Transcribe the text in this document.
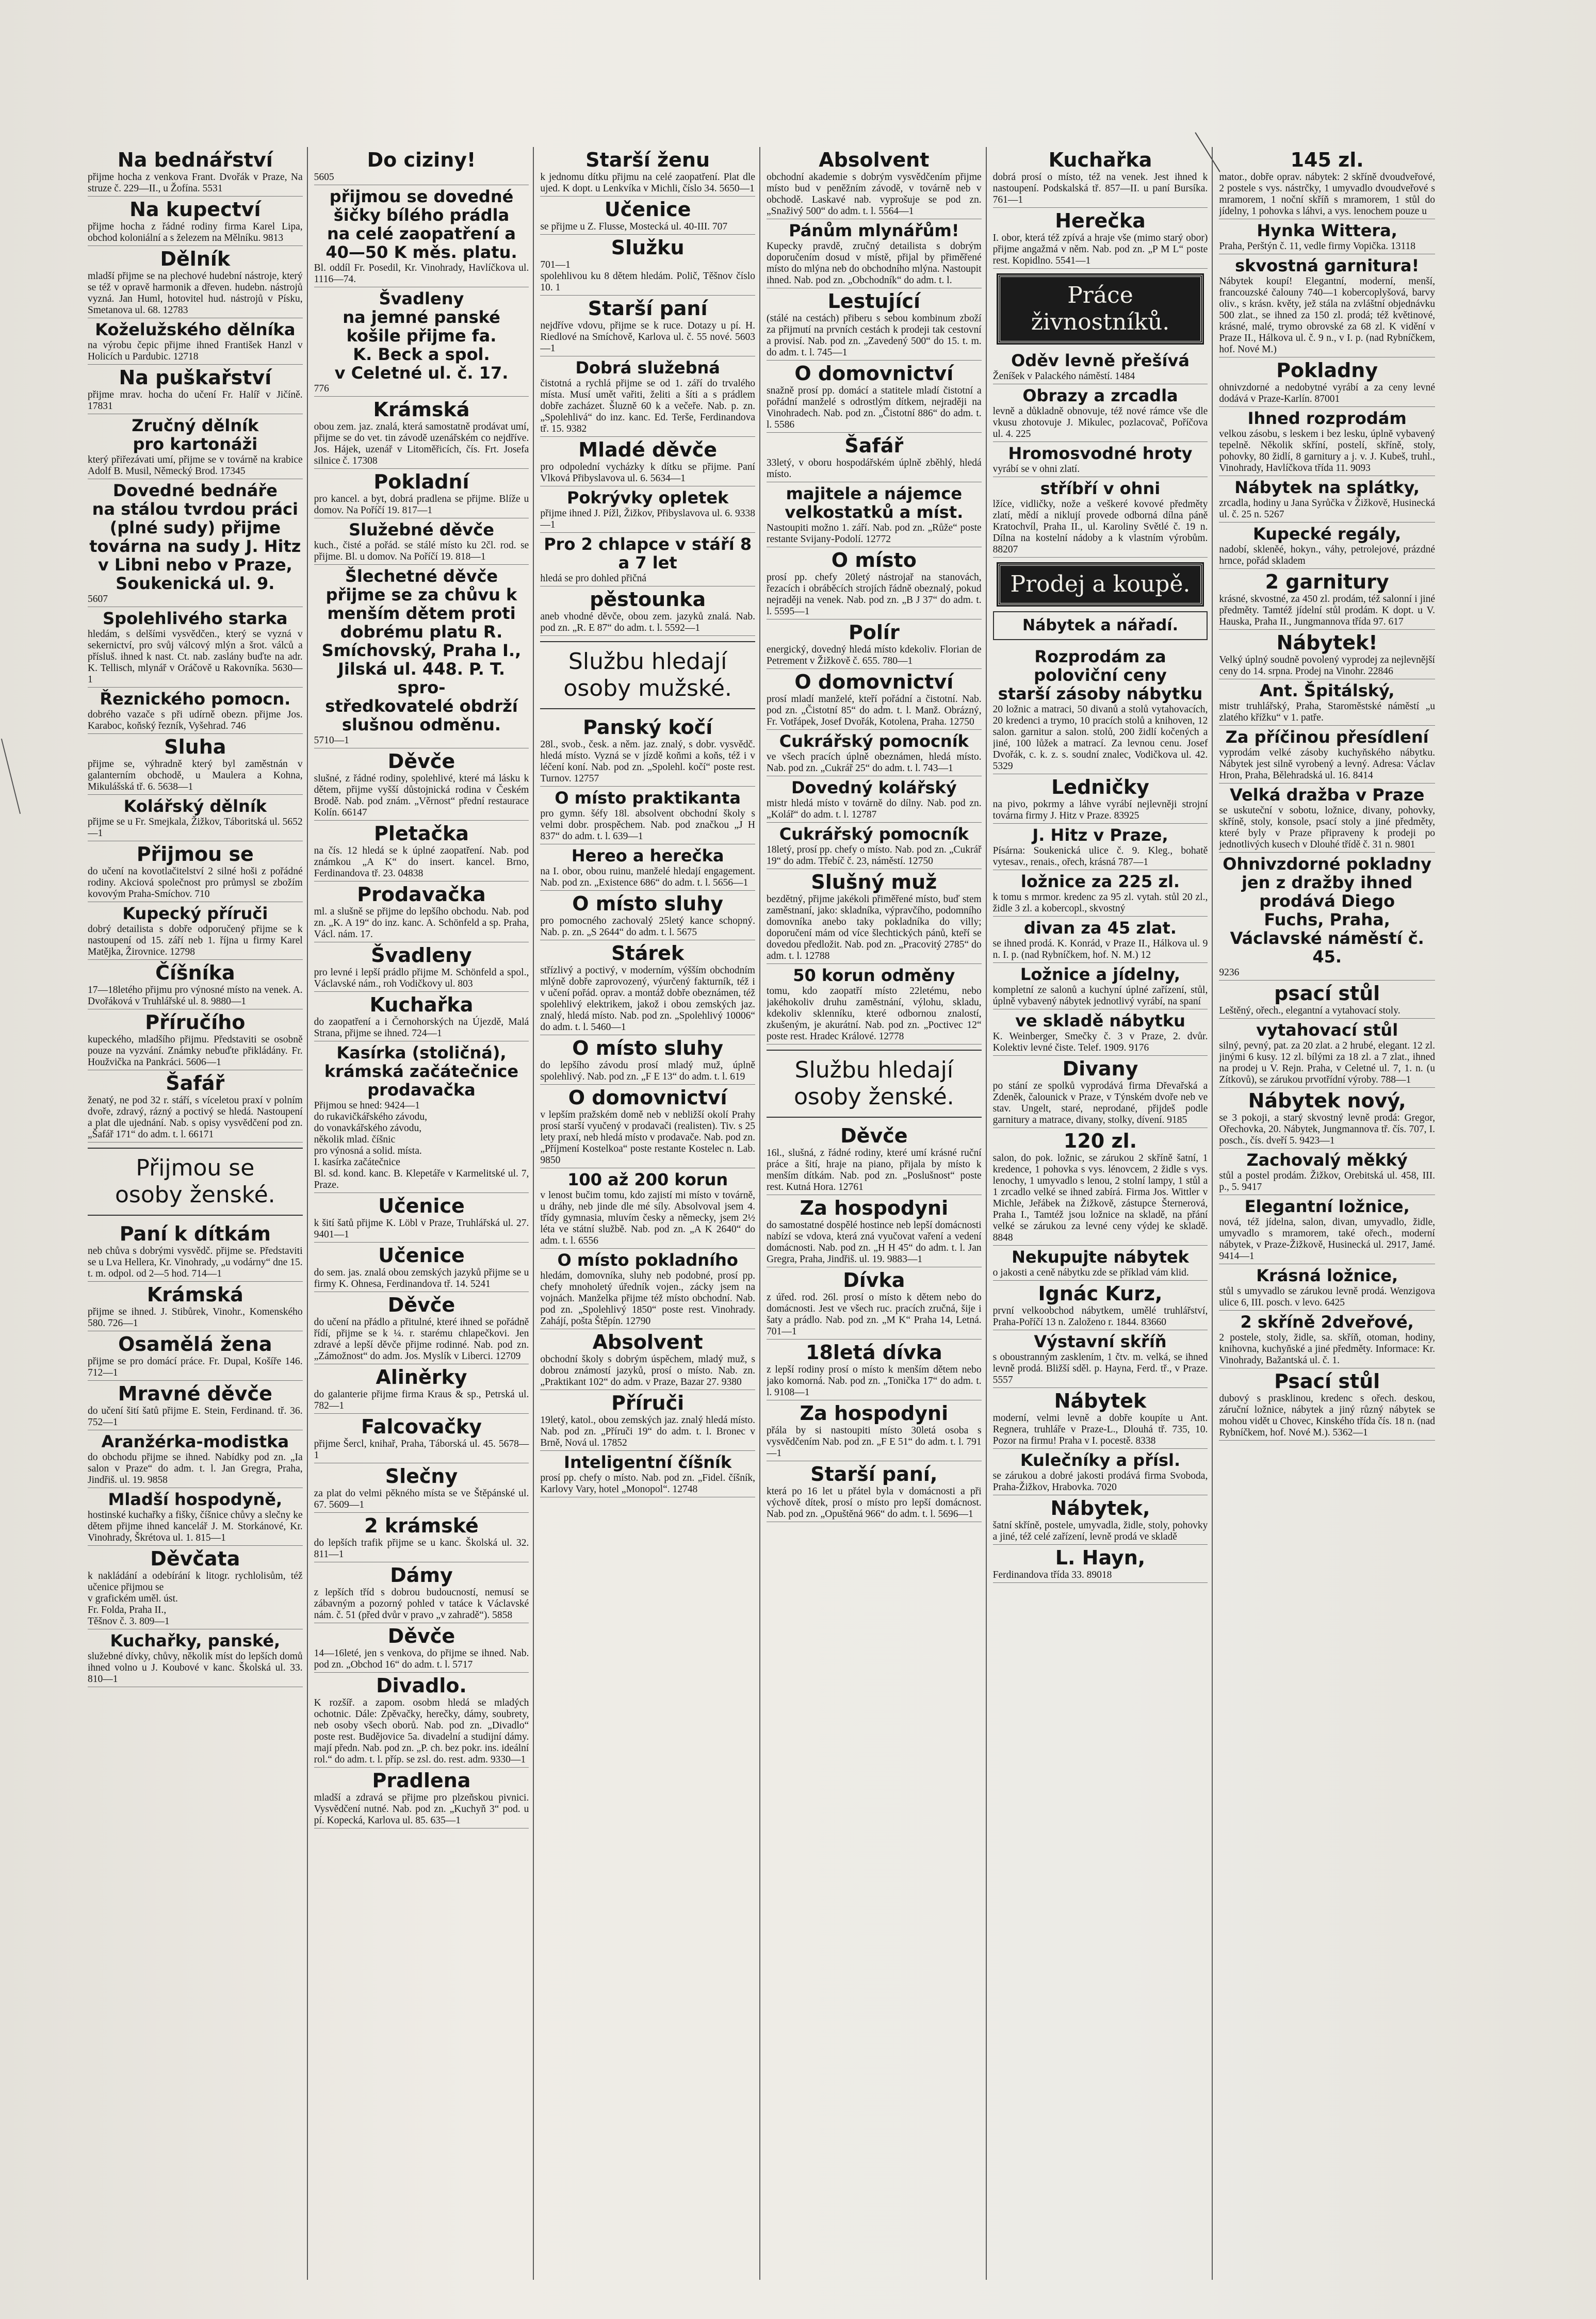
Na bednářství
přijme hocha z venkova Frant. Dvořák v Praze, Na struze č. 229—II., u Žofína. 5531
Na kupectví
přijme hocha z řádné rodiny firma Karel Lipa, obchod koloniální a s železem na Mělníku. 9813
Dělník
mladší přijme se na plechové hudební nástroje, který se též v opravě harmonik a dřeven. hudebn. nástrojů vyzná. Jan Huml, hotovitel hud. nástrojů v Písku, Smetanova ul. 68. 12783
Koželužského dělníka
na výrobu čepic přijme ihned František Hanzl v Holicích u Pardubic. 12718
Na puškařství
přijme mrav. hocha do učení Fr. Halíř v Jičíně. 17831
Zručný dělník
pro kartonáži
který přiřezávati umí, přijme se v továrně na krabice Adolf B. Musil, Německý Brod. 17345
Dovedné bednáře
na stálou tvrdou práci
(plné sudy) přijme továrna na sudy J. Hitz
v Libni nebo v Praze,
Soukenická ul. 9.
5607
Spolehlivého starka
hledám, s delšími vysvědčen., který se vyzná v sekernictví, pro svůj válcový mlýn a šrot. válců a přísluš. ihned k nast. Ct. nab. zaslány buďte na adr. K. Tellisch, mlynář v Oráčově u Rakovníka. 5630—1
Řeznického pomocn.
dobrého vazače s při udírně obezn. přijme Jos. Karaboc, koňský řezník, Vyšehrad. 746
Sluha
přijme se, výhradně který byl zaměstnán v galanterním obchodě, u Maulera a Kohna, Mikulášská tř. 6. 5638—1
Kolářský dělník
přijme se u Fr. Smejkala, Žižkov, Táboritská ul. 5652—1
Přijmou se
do učení na kovotlačitelství 2 silné hoši z pořádné rodiny. Akciová společnost pro průmysl se zbožím kovovým Praha-Smíchov. 710
Kupecký příruči
dobrý detailista s dobře odporučený přijme se k nastoupení od 15. září neb 1. října u firmy Karel Matějka, Žirovnice. 12798
Číšníka
17—18letého přijmu pro výnosné místo na venek. A. Dvořáková v Truhlářské ul. 8. 9880—1
Příručího
kupeckého, mladšího přijmu. Představiti se osobně pouze na vyzvání. Známky nebuďte přikládány. Fr. Houžvička na Pankráci. 5606—1
Šafář
ženatý, ne pod 32 r. stáří, s víceletou praxí v polním dvoře, zdravý, rázný a poctivý se hledá. Nastoupení a plat dle ujednání. Nab. s opisy vysvědčení pod zn. „Šafář 171“ do adm. t. l. 66171
Přijmou se
osoby ženské.
Paní k dítkám
neb chůva s dobrými vysvědč. přijme se. Představiti se u Lva Hellera, Kr. Vinohrady, „u vodárny“ dne 15. t. m. odpol. od 2—5 hod. 714—1
Krámská
přijme se ihned. J. Stibůrek, Vinohr., Komenského 580. 726—1
Osamělá žena
přijme se pro domácí práce. Fr. Dupal, Košíře 146. 712—1
Mravné děvče
do učení šití šatů přijme E. Stein, Ferdinand. tř. 36. 752—1
Aranžérka-modistka
do obchodu přijme se ihned. Nabídky pod zn. „Ia salon v Praze“ do adm. t. l. Jan Gregra, Praha, Jindřiš. ul. 19. 9858
Mladší hospodyně,
hostinské kuchařky a fišky, číšnice chůvy a slečny ke dětem přijme ihned kancelář J. M. Storkánové, Kr. Vinohrady, Škrétova ul. 1. 815—1
Děvčata
k nakládání a odebírání k litogr. rychlolisům, též učenice přijmou se
v grafickém uměl. úst.
Fr. Folda, Praha II.,
Těšnov č. 3. 809—1
Kuchařky, panské,
služebné dívky, chůvy, několik míst do lepších domů ihned volno u J. Koubové v kanc. Školská ul. 33. 810—1
Do ciziny!
5605
přijmou se dovedné
šičky bílého prádla
na celé zaopatření a
40—50 K měs. platu.
Bl. oddíl Fr. Posedil, Kr. Vinohrady, Havlíčkova ul. 1116—74.
Švadleny
na jemné panské košile přijme fa.
K. Beck a spol.
v Celetné ul. č. 17.
776
Krámská
obou zem. jaz. znalá, která samostatně prodávat umí, přijme se do vet. tin závodě uzenářském co nejdříve. Jos. Hájek, uzenář v Litoměřicích, čís. Frt. Josefa silnice č. 17308
Pokladní
pro kancel. a byt, dobrá pradlena se přijme. Blíže u domov. Na Poříčí 19. 817—1
Služebné děvče
kuch., čisté a pořád. se stálé místo ku 2čl. rod. se přijme. Bl. u domov. Na Poříčí 19. 818—1
Šlechetné děvče
přijme se za chůvu k
menším dětem proti
dobrému platu R. Smíchovský, Praha I., Jilská ul. 448. P. T. spro-
středkovatelé obdrží
slušnou odměnu.
5710—1
Děvče
slušné, z řádné rodiny, spolehlivé, které má lásku k dětem, přijme vyšší důstojnická rodina v Českém Brodě. Nab. pod znám. „Věrnost“ přední restaurace Kolín. 66147
Pletačka
na čís. 12 hledá se k úplné zaopatření. Nab. pod známkou „A K“ do insert. kancel. Brno, Ferdinandova tř. 23. 04838
Prodavačka
ml. a slušně se přijme do lepšího obchodu. Nab. pod zn. „K. A 19“ do inz. kanc. A. Schönfeld a sp. Praha, Václ. nám. 17.
Švadleny
pro levné i lepší prádlo přijme M. Schönfeld a spol., Václavské nám., roh Vodičkovy ul. 803
Kuchařka
do zaopatření a i Černohorských na Újezdě, Malá Strana, přijme se ihned. 724—1
Kasírka (stoličná),
krámská začátečnice
prodavačka
Přijmou se hned: 9424—1
do rukavičkářského závodu,
do vonavkářského závodu,
několik mlad. číšnic
pro výnosná a solid. místa.
I. kasírka začátečnice
Bl. sd. kond. kanc. B. Klepetáře v Karmelitské ul. 7, Praze.
Učenice
k šití šatů přijme K. Löbl v Praze, Truhlářská ul. 27. 9401—1
Učenice
do sem. jas. znalá obou zemských jazyků přijme se u firmy K. Ohnesa, Ferdinandova tř. 14. 5241
Děvče
do učení na přádlo a přitulné, které ihned se pořádně řídí, přijme se k ¼. r. starému chlapečkovi. Jen zdravé a lepší děvče přijme rodinné. Nab. pod zn. „Zámožnost“ do adm. Jos. Myslík v Liberci. 12709
Aliněrky
do galanterie přijme firma Kraus & sp., Petrská ul. 782—1
Falcovačky
přijme Šercl, knihař, Praha, Táborská ul. 45. 5678—1
Slečny
za plat do velmi pěkného místa se ve Štěpánské ul. 67. 5609—1
2 krámské
do lepších trafik přijme se u kanc. Školská ul. 32. 811—1
Dámy
z lepších tříd s dobrou budoucností, nemusí se zábavným a pozorný pohled v tatáce k Václavské nám. č. 51 (před dvůr v pravo „v zahradě“). 5858
Děvče
14—16leté, jen s venkova, do přijme se ihned. Nab. pod zn. „Obchod 16“ do adm. t. l. 5717
Divadlo.
K rozšíř. a zapom. osobm hledá se mladých ochotnic. Dále: Zpěvačky, herečky, dámy, soubrety, neb osoby všech oborů. Nab. pod zn. „Divadlo“ poste rest. Budějovice 5a. divadelní a studijní dámy. mají předn. Nab. pod zn. „P. ch. bez pokr. ins. ideální rol.“ do adm. t. l. příp. se zsl. do. rest. adm. 9330—1
Pradlena
mladší a zdravá se přijme pro plzeňskou pivnici. Vysvědčení nutné. Nab. pod zn. „Kuchyň 3“ pod. u pí. Kopecká, Karlova ul. 85. 635—1
Starší ženu
k jednomu dítku přijmu na celé zaopatření. Plat dle ujed. K dopt. u Lenkvíka v Michli, číslo 34. 5650—1
Učenice
se přijme u Z. Flusse, Mostecká ul. 40-III. 707
Služku
701—1
spolehlivou ku 8 dětem hledám. Polič, Těšnov číslo 10. 1
Starší paní
nejdříve vdovu, přijme se k ruce. Dotazy u pí. H. Riedlové na Smíchově, Karlova ul. č. 55 nové. 5603—1
Dobrá služebná
čistotná a rychlá přijme se od 1. září do trvalého místa. Musí umět vařiti, želiti a šíti a s prádlem dobře zacházet. Šluzně 60 k a večeře. Nab. p. zn. „Spolehlivá“ do inz. kanc. Ed. Terše, Ferdinandova tř. 15. 9382
Mladé děvče
pro odpolední vycházky k dítku se přijme. Paní Vlková Přibyslavova ul. 6. 5634—1
Pokrývky opletek
přijme ihned J. Pížl, Žižkov, Přibyslavova ul. 6. 9338—1
Pro 2 chlapce v stáří 8 a 7 let
hledá se pro dohled přičná
pěstounka
aneb vhodné děvče, obou zem. jazyků znalá. Nab. pod zn. „R. E 87“ do adm. t. l. 5592—1
Službu hledají
osoby mužské.
Panský kočí
28l., svob., česk. a něm. jaz. znalý, s dobr. vysvědč. hledá místo. Vyzná se v jízdě koňmi a koňs, též i v léčení koní. Nab. pod zn. „Spolehl. kočí“ poste rest. Turnov. 12757
O místo praktikanta
pro gymn. šéfy 18l. absolvent obchodní školy s velmi dobr. prospěchem. Nab. pod značkou „J H 837“ do adm. t. l. 639—1
Hereo a herečka
na I. obor, obou ruinu, manželé hledají engagement. Nab. pod zn. „Existence 686“ do adm. t. l. 5656—1
O místo sluhy
pro pomocného zachovalý 25letý kance schopný. Nab. p. zn. „S 2644“ do adm. t. l. 5675
Stárek
střízlivý a poctivý, v moderním, výšším obchodním mlýně dobře zaprovozený, výurčený fakturník, též i v učení pořád. oprav. a montáž dobře obeznámen, též spolehlivý elektrikem, jakož i obou zemských jaz. znalý, hledá místo. Nab. pod zn. „Spolehlivý 10006“ do adm. t. l. 5460—1
O místo sluhy
do lepšího závodu prosí mladý muž, úplně spolehlivý. Nab. pod zn. „F E 13“ do adm. t. l. 619
O domovnictví
v lepším pražském domě neb v nebližší okolí Prahy prosí starší vyučený v prodavači (realisten). Tiv. s 25 lety praxí, neb hledá místo v prodavače. Nab. pod zn. „Příjmení Kostelkoa“ poste restante Kostelec n. Lab. 9850
100 až 200 korun
v lenost bučim tomu, kdo zajistí mi místo v továrně, u dráhy, neb jinde dle mé síly. Absolvoval jsem 4. třídy gymnasia, mluvím česky a německy, jsem 2½ léta ve státní službě. Nab. pod zn. „A K 2640“ do adm. t. l. 6556
O místo pokladního
hledám, domovníka, sluhy neb podobné, prosí pp. chefy mnoholetý úředník vojen., zácky jsem na vojnách. Manželka přijme též místo obchodní. Nab. pod zn. „Spolehlivý 1850“ poste rest. Vinohrady. Zahájí, pošta Štěpín. 12790
Absolvent
obchodní školy s dobrým úspěchem, mladý muž, s dobrou známostí jazyků, prosí o místo. Nab. zn. „Praktikant 102“ do adm. v Praze, Bazar 27. 9380
Příruči
19letý, katol., obou zemských jaz. znalý hledá místo. Nab. pod zn. „Příruči 19“ do adm. t. l. Bronec v Brně, Nová ul. 17852
Inteligentní číšník
prosí pp. chefy o místo. Nab. pod zn. „Fidel. číšník, Karlovy Vary, hotel „Monopol“. 12748
Absolvent
obchodní akademie s dobrým vysvědčením přijme místo bud v peněžním závodě, v továrně neb v obchodě. Laskavé nab. vyprošuje se pod zn. „Snaživý 500“ do adm. t. l. 5564—1
Pánům mlynářům!
Kupecky pravdě, zručný detailista s dobrým doporučením dosud v místě, přijal by přiměřené místo do mlýna neb do obchodního mlýna. Nastoupit ihned. Nab. pod zn. „Obchodník“ do adm. t. l.
Lestující
(stálé na cestách) přiberu s sebou kombinum zboží za přijmutí na prvních cestách k prodeji tak cestovní a provisí. Nab. pod zn. „Zavedený 500“ do 15. t. m. do adm. t. l. 745—1
O domovnictví
snažně prosí pp. domácí a statitele mladí čistotní a pořádní manželé s odrostlým dítkem, nejraději na Vinohradech. Nab. pod zn. „Čistotní 886“ do adm. t. l. 5586
Šafář
33letý, v oboru hospodářském úplně zběhlý, hledá místo.
majitele a nájemce
velkostatků a míst.
Nastoupiti možno 1. září. Nab. pod zn. „Růže“ poste restante Svijany-Podolí. 12772
O místo
prosí pp. chefy 20letý nástrojař na stanovách, řezacích i obráběcích strojích řádně obeznalý, pokud nejraději na venek. Nab. pod zn. „B J 37“ do adm. t. l. 5595—1
Polír
energický, dovedný hledá místo kdekoliv. Florian de Petrement v Žižkově č. 655. 780—1
O domovnictví
prosí mladí manželé, kteří pořádní a čistotní. Nab. pod zn. „Čistotní 85“ do adm. t. l. Manž. Obrázný, Fr. Votřápek, Josef Dvořák, Kotolena, Praha. 12750
Cukrářský pomocník
ve všech pracích úplně obeznámen, hledá místo. Nab. pod zn. „Cukrář 25“ do adm. t. l. 743—1
Dovedný kolářský
mistr hledá místo v továrně do dílny. Nab. pod zn. „Kolář“ do adm. t. l. 12787
Cukrářský pomocník
18letý, prosí pp. chefy o místo. Nab. pod zn. „Cukrář 19“ do adm. Třebíč č. 23, náměstí. 12750
Slušný muž
bezdětný, přijme jakékoli přiměřené místo, buď stem zaměstnaní, jako: skladníka, výpravčího, podomního domovníka anebo taky pokladníka do villy; doporučení mám od více šlechtických pánů, kteří se dovedou předložit. Nab. pod zn. „Pracovitý 2785“ do adm. t. l. 12788
50 korun odměny
tomu, kdo zaopatří místo 22letému, nebo jakéhokoliv druhu zaměstnání, výlohu, skladu, kdekoliv sklenníku, které odbornou znalostí, zkušeným, je akurátní. Nab. pod zn. „Poctivec 12“ poste rest. Hradec Králové. 12778
Službu hledají
osoby ženské.
Děvče
16l., slušná, z řádné rodiny, které umí krásné ruční práce a šití, hraje na piano, přijala by místo k menším dítkám. Nab. pod zn. „Poslušnost“ poste rest. Kutná Hora. 12761
Za hospodyni
do samostatné dospělé hostince neb lepší domácnosti nabízí se vdova, která zná vyučovat vaření a vedení domácnosti. Nab. pod zn. „H H 45“ do adm. t. l. Jan Gregra, Praha, Jindřiš. ul. 19. 9883—1
Dívka
z úřed. rod. 26l. prosí o místo k dětem nebo do domácnosti. Jest ve všech ruc. pracích zručná, šije i šaty a prádlo. Nab. pod zn. „M K“ Praha 14, Letná. 701—1
18letá dívka
z lepší rodiny prosí o místo k menším dětem nebo jako komorná. Nab. pod zn. „Tonička 17“ do adm. t. l. 9108—1
Za hospodyni
přála by si nastoupiti místo 30letá osoba s vysvědčením Nab. pod zn. „F E 51“ do adm. t. l. 791—1
Starší paní,
která po 16 let u přátel byla v domácnosti a při výchově dítek, prosí o místo pro lepší domácnost. Nab. pod zn. „Opuštěná 966“ do adm. t. l. 5696—1
Kuchařka
dobrá prosí o místo, též na venek. Jest ihned k nastoupení. Podskalská tř. 857—II. u paní Bursíka. 761—1
Herečka
I. obor, která též zpívá a hraje vše (mimo starý obor) přijme angažmá v něm. Nab. pod zn. „P M L“ poste rest. Kopidlno. 5541—1
Práce živnostníků.
Oděv levně přešívá
Ženíšek v Palackého náměstí. 1484
Obrazy a zrcadla
levně a důkladně obnovuje, též nové rámce vše dle vkusu zhotovuje J. Mikulec, pozlacovač, Poříčova ul. 4. 225
Hromosvodné hroty
vyrábí se v ohni zlatí.
stříbří v ohni
lžíce, vidličky, nože a veškeré kovové předměty zlatí, mědí a niklují provede odborná dílna páně Kratochvíl, Praha II., ul. Karoliny Světlé č. 19 n. Dílna na kostelní nádoby a k vlastním výrobům. 88207
Prodej a koupě.
Nábytek a nářadí.
Rozprodám za poloviční ceny
starší zásoby nábytku
20 ložnic a matraci, 50 divanů a stolů vytahovacích, 20 kredenci a trymo, 10 pracích stolů a knihoven, 12 salon. garnitur a salon. stolů, 200 židlí kočených a jiné, 100 lůžek a matrací. Za levnou cenu. Josef Dvořák, c. k. z. s. soudní znalec, Vodičkova ul. 42. 5329
Ledničky
na pivo, pokrmy a láhve vyrábí nejlevněji strojní továrna firmy J. Hitz v Praze. 83925
J. Hitz v Praze,
Písárna: Soukenická ulice č. 9. Kleg., bohatě vytesav., renais., ořech, krásná 787—1
ložnice za 225 zl.
k tomu s mrmor. kredenc za 95 zl. vytah. stůl 20 zl., židle 3 zl. a kobercopl., skvostný
divan za 45 zlat.
se ihned prodá. K. Konrád, v Praze II., Hálkova ul. 9 n. I. p. (nad Rybníčkem, hof. N. M.) 12
Ložnice a jídelny,
kompletní ze salonů a kuchyní úplné zařízení, stůl, úplně vybavený nábytek jednotlivý vyrábí, na spaní
ve skladě nábytku
K. Weinberger, Smečky č. 3 v Praze, 2. dvůr. Kolektiv levné čiste. Telef. 1909. 9176
Divany
po stání ze spolků vyprodává firma Dřevařská a Zdeněk, čalounick v Praze, v Týnském dvoře neb ve stav. Ungelt, staré, neprodané, přijdeš podle garnitury a matrace, divany, stolky, dívení. 9185
120 zl.
salon, do pok. ložnic, se zárukou 2 skříně šatní, 1 kredence, 1 pohovka s vys. lénovcem, 2 židle s vys. lenochy, 1 umyvadlo s lenou, 2 stolní lampy, 1 stůl a 1 zrcadlo velké se ihned zabírá. Firma Jos. Wittler v Michle, Jeřábek na Žižkově, zástupce Šternerová, Praha I., Tamtéž jsou ložnice na skladě, na přání velké se zárukou za levné ceny výdej ke skladě. 8848
Nekupujte nábytek
o jakosti a ceně nábytku zde se příklad vám klid.
Ignác Kurz,
první velkoobchod nábytkem, umělé truhlářství, Praha-Poříčí 13 n. Založeno r. 1844. 83660
Výstavní skříň
s oboustranným zasklením, 1 čtv. m. velká, se ihned levně prodá. Bližší sděl. p. Hayna, Ferd. tř., v Praze. 5557
Nábytek
moderní, velmi levně a dobře koupíte u Ant. Regnera, truhláře v Praze-L., Dlouhá tř. 735, 10. Pozor na firmu! Praha v I. pocestě. 8338
Kulečníky a přísl.
se zárukou a dobré jakosti prodává firma Svoboda, Praha-Žižkov, Hrabovka. 7020
Nábytek,
šatní skříně, postele, umyvadla, židle, stoly, pohovky a jiné, též celé zařízení, levně prodá ve skladě
L. Hayn,
Ferdinandova třída 33. 89018
145 zl.
mator., dobře oprav. nábytek: 2 skříně dvoudveřové, 2 postele s vys. nástrčky, 1 umyvadlo dvoudveřové s mramorem, 1 noční skříň s mramorem, 1 stůl do jídelny, 1 pohovka s láhvi, a vys. lenochem pouze u
Hynka Wittera,
Praha, Perštýn č. 11, vedle firmy Vopička. 13118
skvostná garnitura!
Nábytek koupí! Elegantní, moderní, menší, francouzské čalouny 740—1 kobercoplyšová, barvy oliv., s krásn. květy, jež stála na zvláštní objednávku 500 zlat., se ihned za 150 zl. prodá; též květinové, krásné, malé, trymo obrovské za 68 zl. K vidění v Praze II., Hálkova ul. č. 9 n., v I. p. (nad Rybníčkem, hof. Nové M.)
Pokladny
ohnivzdorné a nedobytné vyrábí a za ceny levné dodává v Praze-Karlín. 87001
Ihned rozprodám
velkou zásobu, s leskem i bez lesku, úplně vybavený tepelně. Několik skříní, postelí, skříně, stoly, pohovky, 80 židlí, 8 garnitury a j. v. J. Kubeš, truhl., Vinohrady, Havlíčkova třída 11. 9093
Nábytek na splátky,
zrcadla, hodiny u Jana Syrůčka v Žižkově, Husinecká ul. č. 25 n. 5267
Kupecké regály,
nadobí, skleněé, hokyn., váhy, petrolejové, prázdné hrnce, pořád skladem
2 garnitury
krásné, skvostné, za 450 zl. prodám, též salonní i jiné předměty. Tamtéž jídelní stůl prodám. K dopt. u V. Hauska, Praha II., Jungmannova třída 97. 617
Nábytek!
Velký úplný soudně povolený vyprodej za nejlevnější ceny do 14. srpna. Prodej na Vinohr. 22846
Ant. Špitálský,
mistr truhlářský, Praha, Staroměstské náměstí „u zlatého křížku“ v 1. patře.
Za příčinou přesídlení
vyprodám velké zásoby kuchyňského nábytku. Nábytek jest silně vyrobený a levný. Adresa: Václav Hron, Praha, Bělehradská ul. 16. 8414
Velká dražba v Praze
se uskuteční v sobotu, ložnice, divany, pohovky, skříně, stoly, konsole, psací stoly a jiné předměty, které byly v Praze připraveny k prodeji po jednotlivých kusech v Dlouhé třídě č. 31 n. 9801
Ohnivzdorné pokladny
jen z dražby ihned
prodává Diego
Fuchs, Praha, Václavské náměstí č. 45.
9236
psací stůl
Leštěný, ořech., elegantní a vytahovací stoly.
vytahovací stůl
silný, pevný, pat. za 20 zlat. a 2 hrubé, elegant. 12 zl. jinými 6 kusy. 12 zl. bílými za 18 zl. a 7 zlat., ihned na prodej u V. Rejn. Praha, v Celetné ul. 7, 1. n. (u Zítkovů), se zárukou prvotřídní výroby. 788—1
Nábytek nový,
se 3 pokoji, a starý skvostný levně prodá: Gregor, Ořechovka, 20. Nábytek, Jungmannova tř. čís. 707, I. posch., čís. dveří 5. 9423—1
Zachovalý měkký
stůl a postel prodám. Žižkov, Orebitská ul. 458, III. p., 5. 9417
Elegantní ložnice,
nová, též jídelna, salon, divan, umyvadlo, židle, umyvadlo s mramorem, také ořech., moderní nábytek, v Praze-Žižkově, Husinecká ul. 2917, Jamé. 9414—1
Krásná ložnice,
stůl s umyvadlo se zárukou levně prodá. Wenzigova ulice 6, III. posch. v levo. 6425
2 skříně 2dveřové,
2 postele, stoly, židle, sa. skříň, otoman, hodiny, knihovna, kuchyňské a jiné předměty. Informace: Kr. Vinohrady, Bažantská ul. č. 1.
Psací stůl
dubový s prasklinou, kredenc s ořech. deskou, záruční ložnice, nábytek a jiný různý nábytek se mohou vidět u Chovec, Kinského třída čís. 18 n. (nad Rybníčkem, hof. Nové M.). 5362—1
